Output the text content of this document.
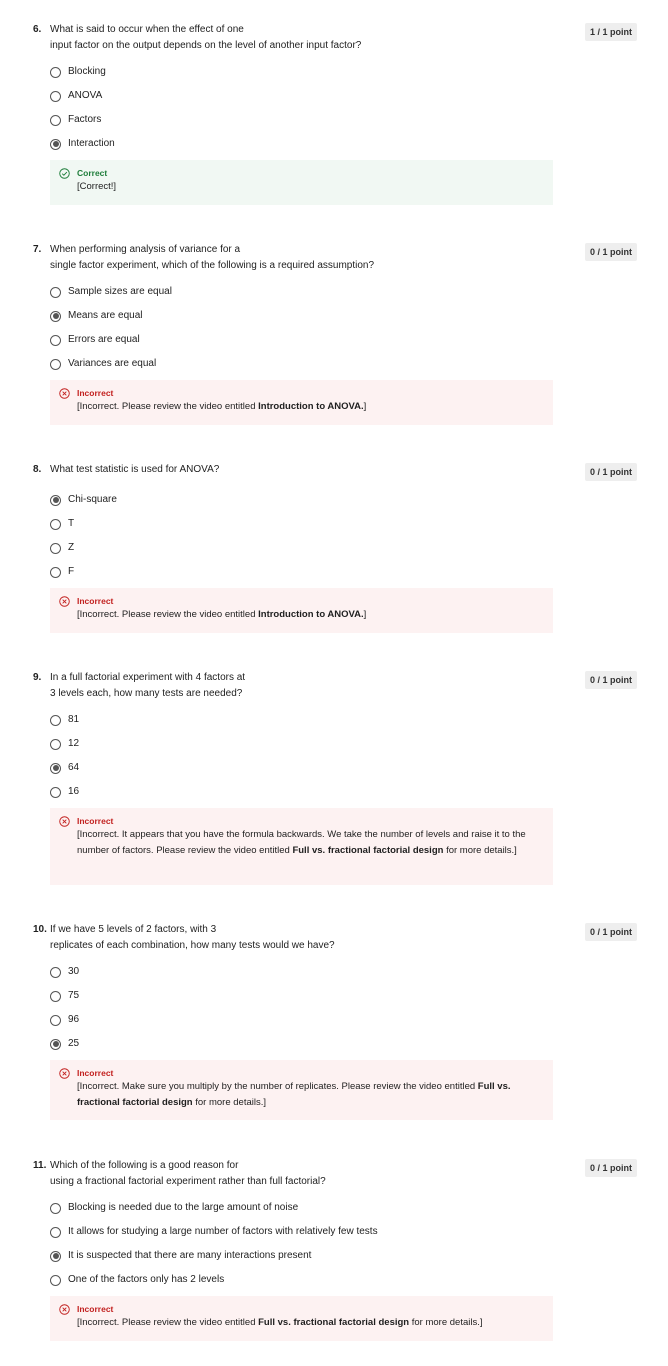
6. What is said to occur when the effect of one
input factor on the output depends on the level of another input factor?
1 / 1 point
Blocking
ANOVA
Factors
Interaction
Correct
[Correct!]
7. When performing analysis of variance for a
single factor experiment, which of the following is a required assumption?
0 / 1 point
Sample sizes are equal
Means are equal
Errors are equal
Variances are equal
Incorrect
[Incorrect. Please review the video entitled Introduction to ANOVA.]
8. What test statistic is used for ANOVA?	0 / 1 point
Chi-square
T
Z
F
Incorrect
[Incorrect. Please review the video entitled Introduction to ANOVA.]
9. In a full factorial experiment with 4 factors at
3 levels each, how many tests are needed?
0 / 1 point
81
12
64
16
Incorrect
[Incorrect. It appears that you have the formula backwards. We take the number of levels and raise it to the number of factors. Please review the video entitled Full vs. fractional factorial design for more details.]
10. If we have 5 levels of 2 factors, with 3
replicates of each combination, how many tests would we have?
0 / 1 point
30
75
96
25
Incorrect
[Incorrect. Make sure you multiply by the number of replicates. Please review the video entitled Full vs. fractional factorial design for more details.]
11. Which of the following is a good reason for
using a fractional factorial experiment rather than full factorial?
0 / 1 point
Blocking is needed due to the large amount of noise
It allows for studying a large number of factors with relatively few tests
It is suspected that there are many interactions present
One of the factors only has 2 levels
Incorrect
[Incorrect. Please review the video entitled Full vs. fractional factorial design for more details.]
